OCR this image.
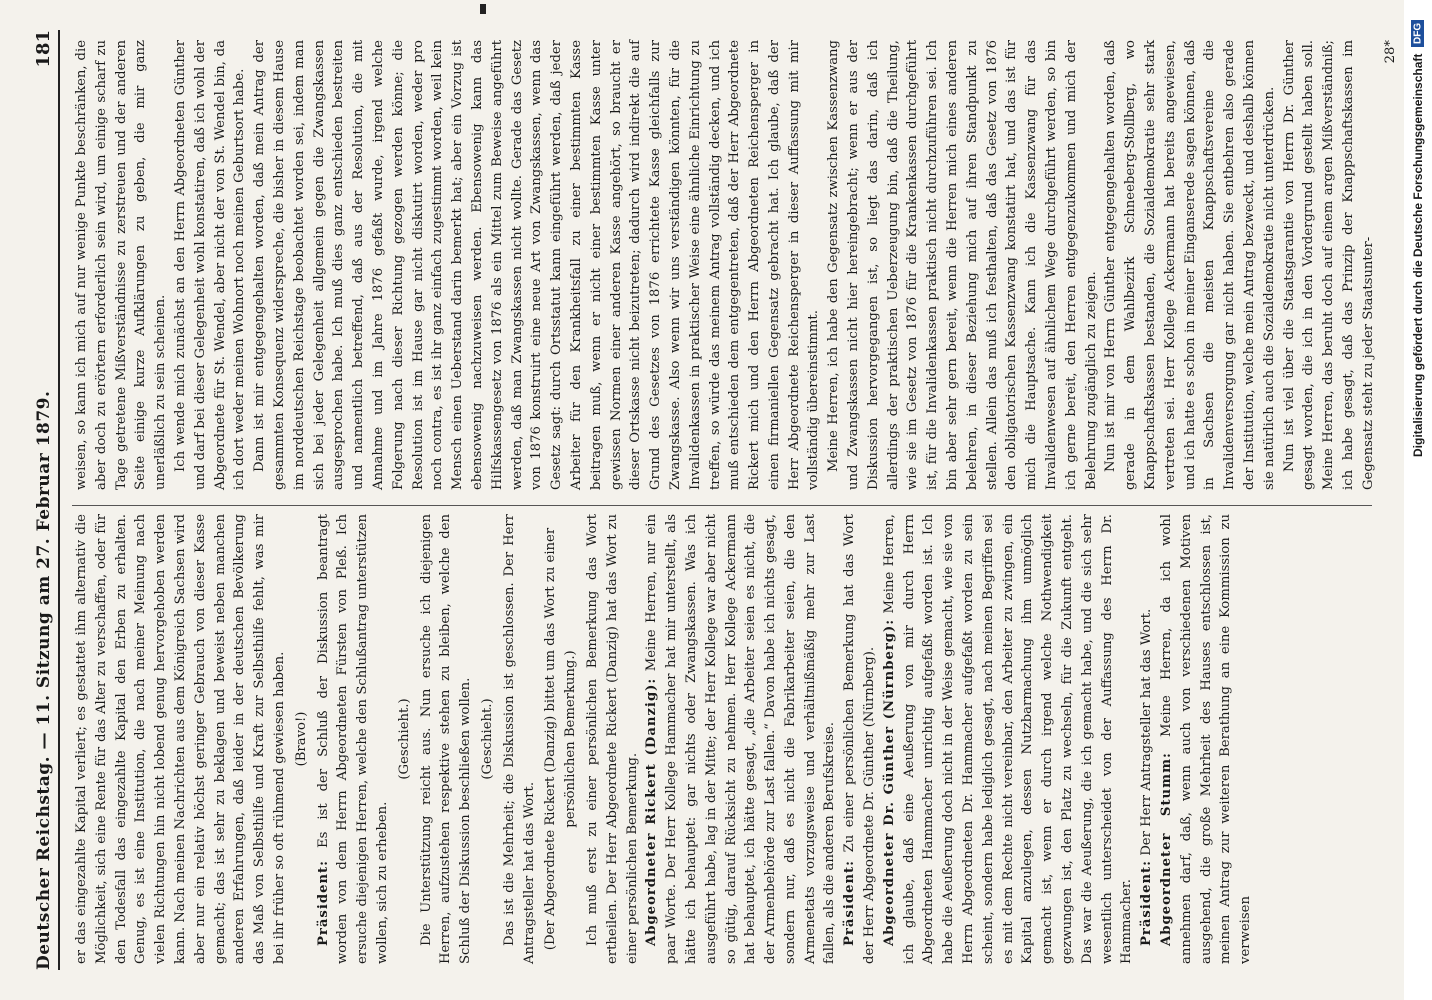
Deutscher Reichstag. — 11. Sitzung am 27. Februar 1879.
181

er das eingezahlte Kapital verliert; es gestattet ihm alternativ die Möglichkeit, sich eine Rente für das Alter zu verschaffen, oder für den Todesfall das eingezahlte Kapital den Erben zu erhalten. Genug, es ist eine Institution, die nach meiner Meinung nach vielen Richtungen hin nicht lobend genug hervorgehoben werden kann. Nach meinen Nachrichten aus dem Königreich Sachsen wird aber nur ein relativ höchst geringer Gebrauch von dieser Kasse gemacht; das ist sehr zu beklagen und beweist neben manchen anderen Erfahrungen, daß leider in der deutschen Bevölkerung das Maß von Selbsthilfe und Kraft zur Selbsthilfe fehlt, was mir bei ihr früher so oft rühmend gewiesen haben. (Bravo!)

Präsident: Es ist der Schluß der Diskussion beantragt worden von dem Herrn Abgeordneten Fürsten von Pleß. Ich ersuche diejenigen Herren, welche den Schlußantrag unterstützen wollen, sich zu erheben.

(Geschieht.) Die Unterstützung reicht aus. Nun ersuche ich diejenigen Herren, aufzustehen respektive stehen zu bleiben, welche den Schluß der Diskussion beschließen wollen. (Geschieht.) Das ist die Mehrheit; die Diskussion ist geschlossen. Der Herr Antragsteller hat das Wort. (Der Abgeordnete Rickert (Danzig) bittet um das Wort zu einer persönlichen Bemerkung.) Ich muß erst zu einer persönlichen Bemerkung das Wort ertheilen. Der Herr Abgeordnete Rickert (Danzig) hat das Wort zu einer persönlichen Bemerkung. Abgeordneter Rickert (Danzig): Meine Herren, nur ein paar Worte. Der Herr Kollege Hammacher hat mir unterstellt, als hätte ich behauptet: gar nichts oder Zwangskassen. Was ich ausgeführt habe, lag in der Mitte; der Herr Kollege war aber nicht so gütig, darauf Rücksicht zu nehmen. Herr Kollege Ackermann hat behauptet, ich hätte gesagt, „die Arbeiter seien es nicht, die der Armenbehörde zur Last fallen.“ Davon habe ich nichts gesagt, sondern nur, daß es nicht die Fabrikarbeiter seien, die den Armenetats vorzugsweise und verhältnißmäßig mehr zur Last fallen, als die anderen Berufskreise. Präsident: Zu einer persönlichen Bemerkung hat das Wort der Herr Abgeordnete Dr. Günther (Nürnberg). Abgeordneter Dr. Günther (Nürnberg): Meine Herren, ich glaube, daß eine Aeußerung von mir durch Herrn Abgeordneten Hammacher unrichtig aufgefaßt worden ist. Ich habe die Aeußerung doch nicht in der Weise gemacht, wie sie von Herrn Abgeordneten Dr. Hammacher aufgefaßt worden zu sein scheint, sondern habe lediglich gesagt, nach meinen Begriffen sei es mit dem Rechte nicht vereinbar, den Arbeiter zu zwingen, ein Kapital anzulegen, dessen Nutzbarmachung ihm unmöglich gemacht ist, wenn er durch irgend welche Nothwendigkeit gezwungen ist, den Platz zu wechseln, für die Zukunft entgeht. Das war die Aeußerung, die ich gemacht habe, und die sich sehr wesentlich unterscheidet von der Auffassung des Herrn Dr. Hammacher. Präsident: Der Herr Antragsteller hat das Wort. Abgeordneter Stumm: Meine Herren, da ich wohl annehmen darf, daß, wenn auch von verschiedenen Motiven ausgehend, die große Mehrheit des Hauses entschlossen ist, meinen Antrag zur weiteren Berathung an eine Kommission zu verweisen

weisen, so kann ich mich auf nur wenige Punkte beschränken, die aber doch zu erörtern erforderlich sein wird, um einige scharf zu Tage getretene Mißverständnisse zu zerstreuen und der anderen Seite einige kurze Aufklärungen zu geben, die mir ganz unerläßlich zu sein scheinen. Ich wende mich zunächst an den Herrn Abgeordneten Günther und darf bei dieser Gelegenheit wohl konstatiren, daß ich wohl der Abgeordnete für St. Wendel, aber nicht der von St. Wendel bin, da ich dort weder meinen Wohnort noch meinen Geburtsort habe. Dann ist mir entgegengehalten worden, daß mein Antrag der gesammten Konsequenz widerspreche, die bisher in diesem Hause im norddeutschen Reichstage beobachtet worden sei, indem man sich bei jeder Gelegenheit allgemein gegen die Zwangskassen ausgesprochen habe. Ich muß dies ganz entschieden bestreiten und namentlich betreffend, daß aus der Resolution, die mit Annahme und im Jahre 1876 gefaßt wurde, irgend welche Folgerung nach dieser Richtung gezogen werden könne; die Resolution ist im Hause gar nicht diskutirt worden, weder pro noch contra, es ist ihr ganz einfach zugestimmt worden, weil kein Mensch einen Ueberstand darin bemerkt hat; aber ein Vorzug ist ebensowenig nachzuweisen werden. Ebensowenig kann das Hilfskassengesetz von 1876 als ein Mittel zum Beweise angeführt werden, daß man Zwangskassen nicht wollte. Gerade das Gesetz von 1876 konstruirt eine neue Art von Zwangskassen, wenn das Gesetz sagt: durch Ortsstatut kann eingeführt werden, daß jeder Arbeiter für den Krankheitsfall zu einer bestimmten Kasse beitragen muß, wenn er nicht einer bestimmten Kasse unter gewissen Normen einer anderen Kasse angehört, so braucht er dieser Ortskasse nicht beizutreten; dadurch wird indirekt die auf Grund des Gesetzes von 1876 errichtete Kasse gleichfalls zur Zwangskasse. Also wenn wir uns verständigen könnten, für die Invalidenkassen in praktischer Weise eine ähnliche Einrichtung zu treffen, so würde das meinem Antrag vollständig decken, und ich muß entschieden dem entgegentreten, daß der Herr Abgeordnete Rickert mich und den Herrn Abgeordneten Reichensperger in einen firmaniellen Gegensatz gebracht hat. Ich glaube, daß der Herr Abgeordnete Reichensperger in dieser Auffassung mit mir vollständig übereinstimmt. Meine Herren, ich habe den Gegensatz zwischen Kassenzwang und Zwangskassen nicht hier hereingebracht; wenn er aus der Diskussion hervorgegangen ist, so liegt das darin, daß ich allerdings der praktischen Ueberzeugung bin, daß die Theilung, wie sie im Gesetz von 1876 für die Krankenkassen durchgeführt ist, für die Invalidenkassen praktisch nicht durchzuführen sei. Ich bin aber sehr gern bereit, wenn die Herren mich eines anderen belehren, in dieser Beziehung mich auf ihren Standpunkt zu stellen. Allein das muß ich festhalten, daß das Gesetz von 1876 den obligatorischen Kassenzwang konstatirt hat, und das ist für mich die Hauptsache. Kann ich die Kassenzwang für das Invalidenwesen auf ähnlichem Wege durchgeführt werden, so bin ich gerne bereit, den Herren entgegenzukommen und mich der Belehrung zugänglich zu zeigen. Nun ist mir von Herrn Günther entgegengehalten worden, daß gerade in dem Wahlbezirk Schneeberg-Stollberg, wo Knappschaftskassen bestanden, die Sozialdemokratie sehr stark vertreten sei. Herr Kollege Ackermann hat bereits angewiesen, und ich hatte es schon in meiner Einganserede sagen können, daß in Sachsen die meisten Knappschaftsvereine die Invalidenversorgung gar nicht haben. Sie entbehren also gerade der Institution, welche mein Antrag bezweckt, und deshalb können sie natürlich auch die Sozialdemokratie nicht unterdrücken. Nun ist viel über die Staatsgarantie von Herrn Dr. Günther gesagt worden, die ich in den Vordergrund gestellt haben soll. Meine Herren, das beruht doch auf einem argen Mißverständniß; ich habe gesagt, daß das Prinzip der Knappschaftskassen im Gegensatz steht zu jeder Staatsunter-

28*

Digitalisierung gefördert durch die Deutsche Forschungsgemeinschaft
DFG
